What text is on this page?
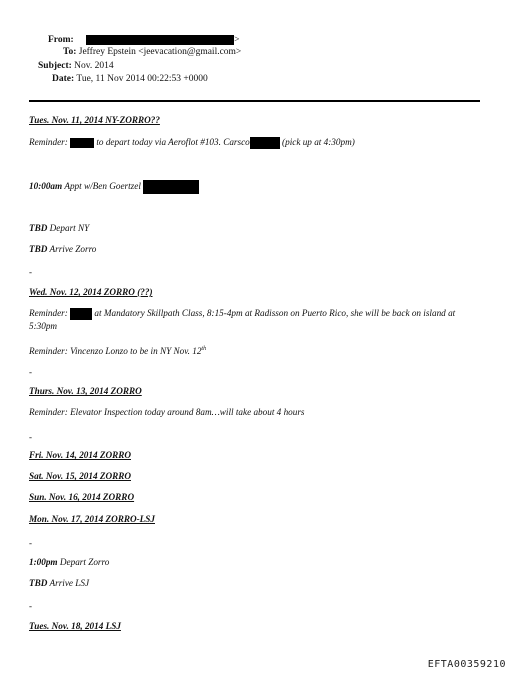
From:	>
To: Jeffrey Epstein <jeevacation@gmail.com>
Subject: Nov. 2014
Date: Tue, 11 Nov 2014 00:22:53 +0000
Tues. Nov. 11, 2014 NY-ZORRO??
Reminder:	to depart today via Aeroflot #103. Carsco	(pick up at 4:30pm)
10:00am Appt w/Ben Goertzel
TBD Depart NY
TBD Arrive Zorro
-
Wed. Nov. 12, 2014 ZORRO (??)
Reminder:	at Mandatory Skillpath Class, 8:15-4pm at Radisson on Puerto Rico, she will be back on island at 5:30pm
Reminder: Vincenzo Lonzo to be in NY Nov. 12th
-
Thurs. Nov. 13, 2014 ZORRO
Reminder: Elevator Inspection today around 8am…will take about 4 hours
-
Fri. Nov. 14, 2014 ZORRO
Sat. Nov. 15, 2014 ZORRO
Sun. Nov. 16, 2014 ZORRO
Mon. Nov. 17, 2014 ZORRO-LSJ
-
1:00pm Depart Zorro
TBD Arrive LSJ
-
Tues. Nov. 18, 2014 LSJ
EFTA00359210
